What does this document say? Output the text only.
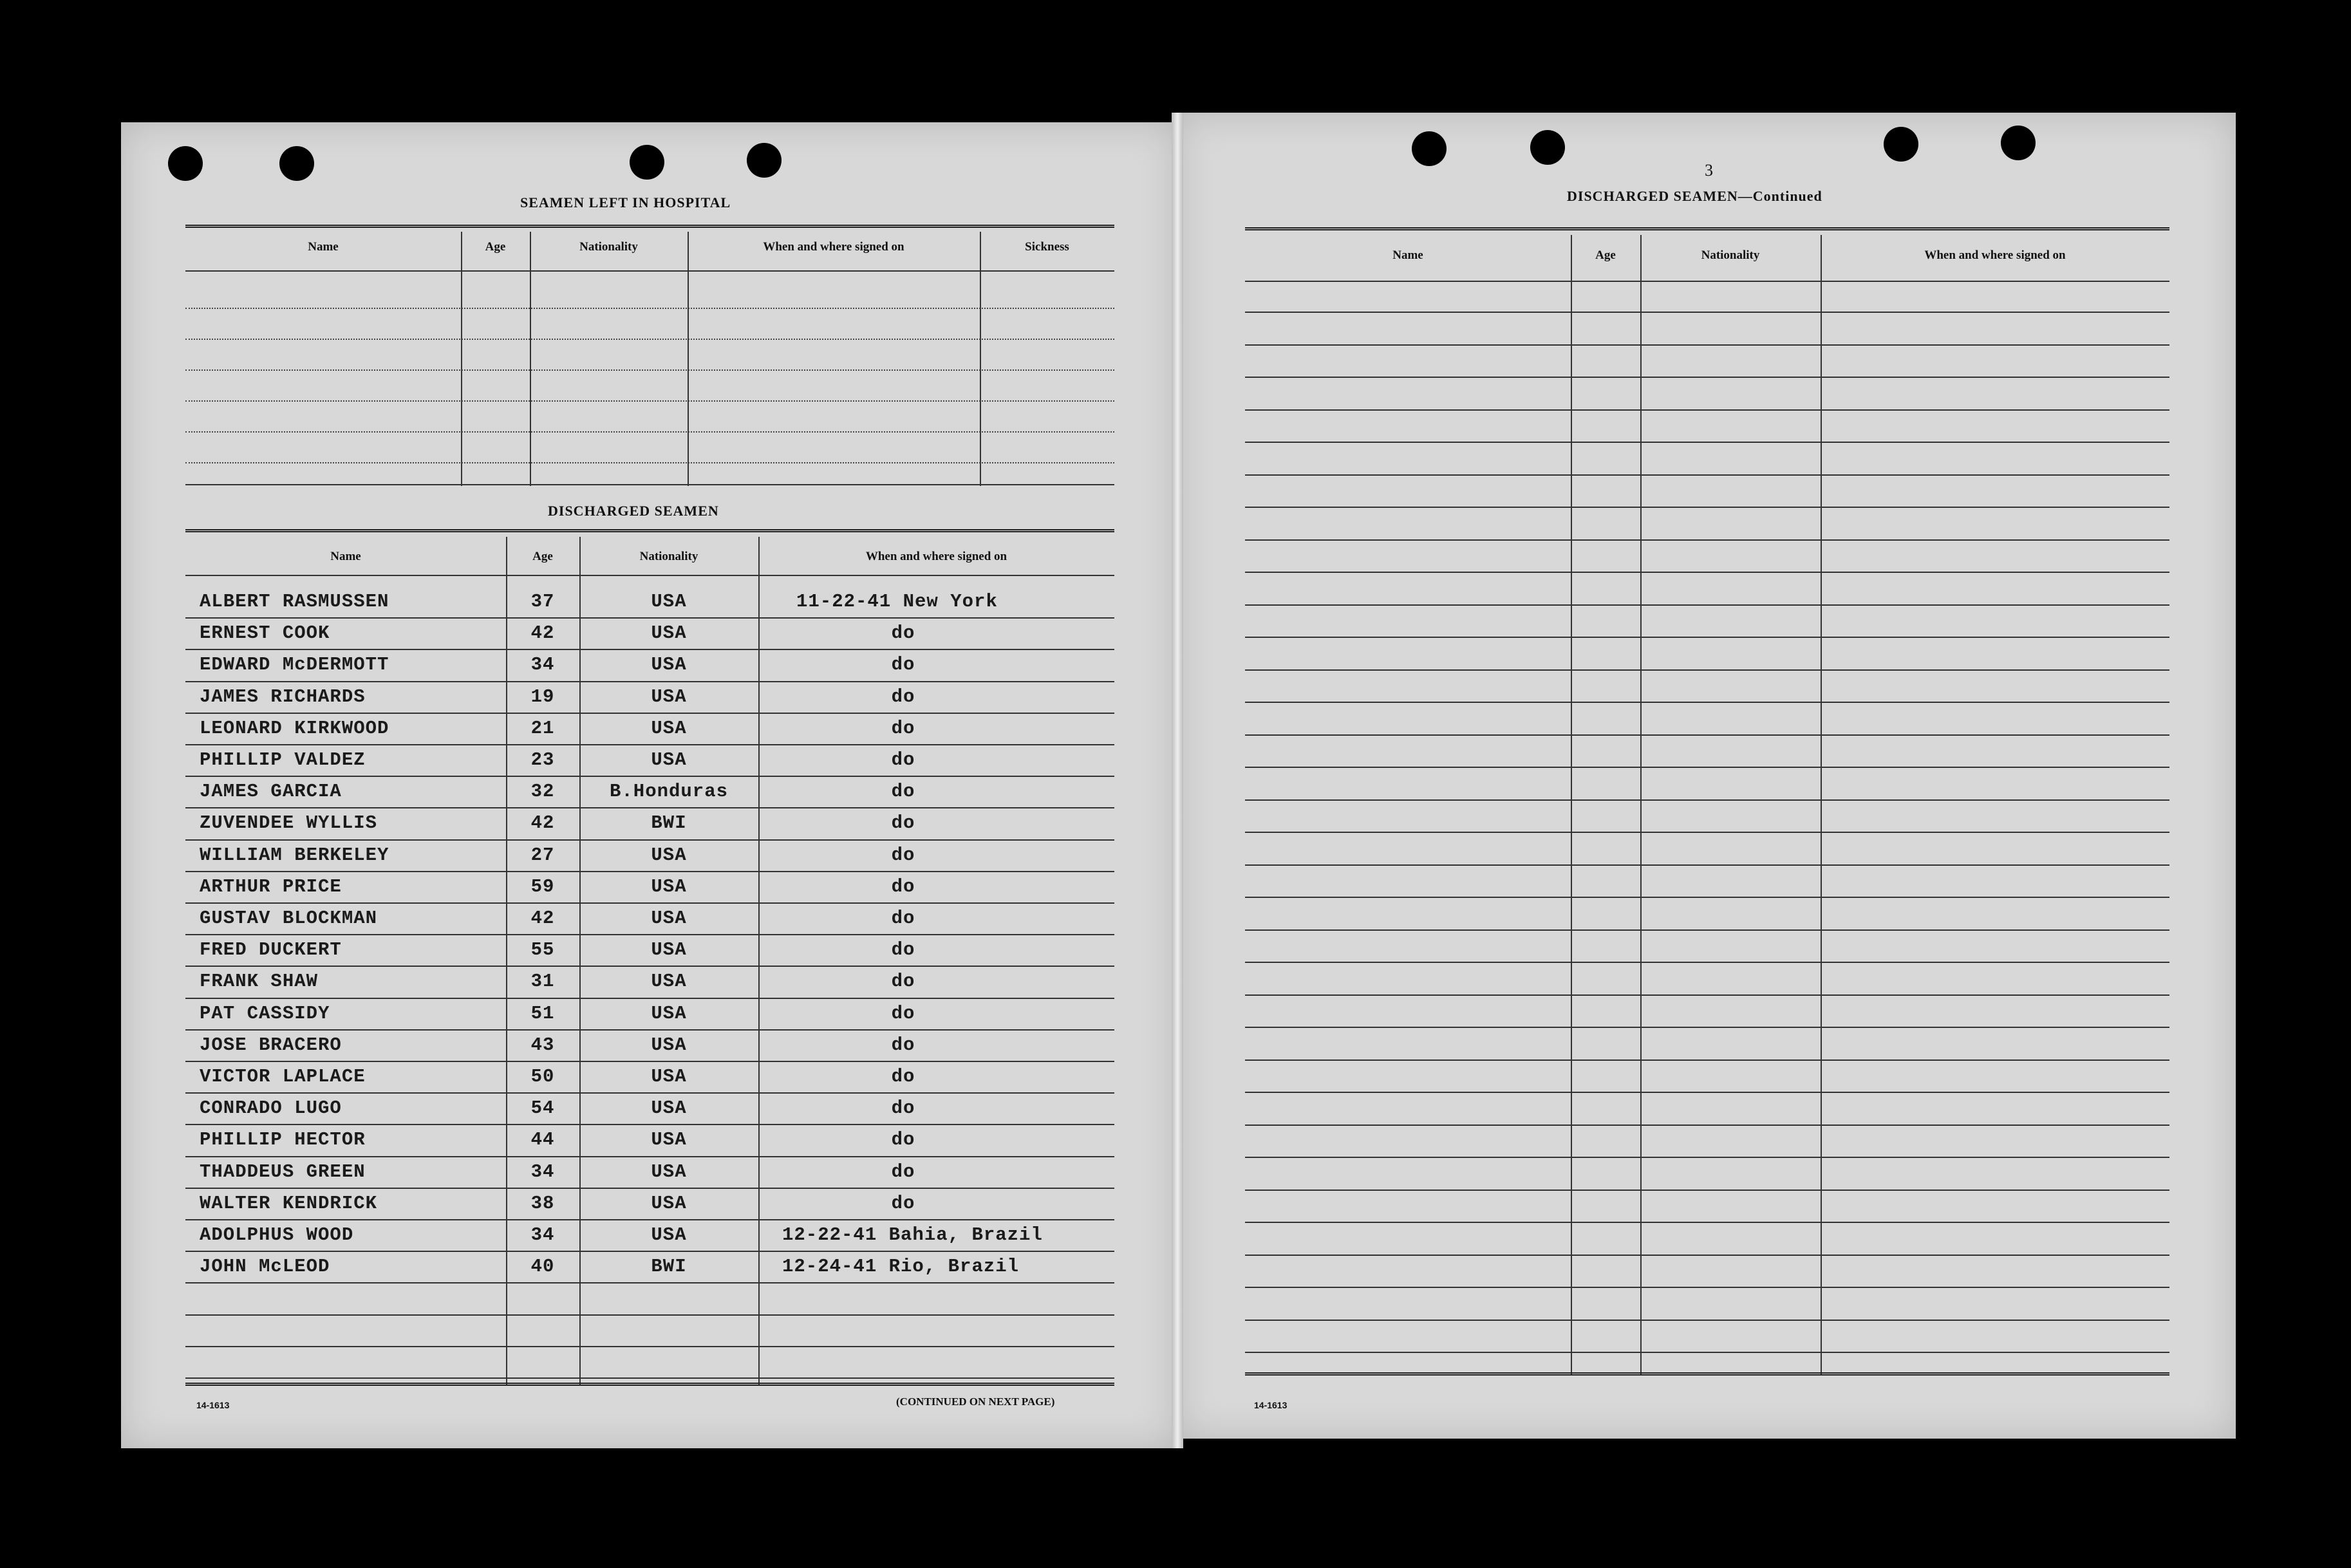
SEAMEN LEFT IN HOSPITAL
Name	Age	Nationality	When and where signed on	Sickness
DISCHARGED SEAMEN
Name	Age	Nationality	When and where signed on
ALBERT RASMUSSEN	37	USA	11-22-41 New York
ERNEST COOK	42	USA	do
EDWARD McDERMOTT	34	USA	do
JAMES RICHARDS	19	USA	do
LEONARD KIRKWOOD	21	USA	do
PHILLIP VALDEZ	23	USA	do
JAMES GARCIA	32	B.Honduras	do
ZUVENDEE WYLLIS	42	BWI	do
WILLIAM BERKELEY	27	USA	do
ARTHUR PRICE	59	USA	do
GUSTAV BLOCKMAN	42	USA	do
FRED DUCKERT	55	USA	do
FRANK SHAW	31	USA	do
PAT CASSIDY	51	USA	do
JOSE BRACERO	43	USA	do
VICTOR LAPLACE	50	USA	do
CONRADO LUGO	54	USA	do
PHILLIP HECTOR	44	USA	do
THADDEUS GREEN	34	USA	do
WALTER KENDRICK	38	USA	do
ADOLPHUS WOOD	34	USA	12-22-41 Bahia, Brazil
JOHN McLEOD	40	BWI	12-24-41 Rio, Brazil
14-1613	(CONTINUED ON NEXT PAGE)
3
DISCHARGED SEAMEN—Continued
Name	Age	Nationality	When and where signed on
14-1613
